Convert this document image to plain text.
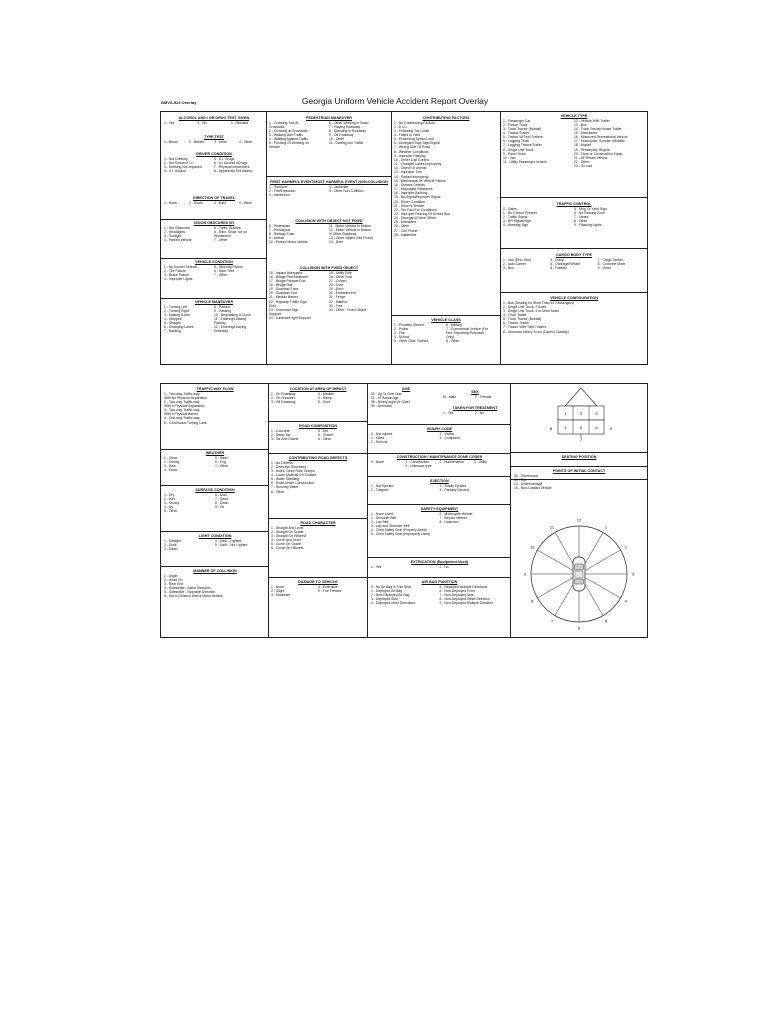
DMVS-523 Overlay	Georgia Uniform Vehicle Accident Report Overlay
ALCOHOL AND / OR DRUG TEST GIVEN
1 - Yes	2 - No	3 - Refused
TYPE TEST
1 - Blood	2 - Breath	3 - Urine	4 - Other
DRIVER CONDITION
1 - Not Drinking	5 - U.I. Drugs
2 - Not Known if U.I.	6 - U.I Alcohol &Drugs
3 - Drinking Not Impaired	7 - Physical Impairment
4 - U.I. Alcohol	8 - Apparently Fell Asleep
DIRECTION OF TRAVEL
1 - North	2 - South	3 - East	4 - West
VISION OBSCURED BY
1 - Not Obscured	5 - Trees, Bushes
2 - Headlights	6 - Rain, Snow, Ice on
3 - Sunlight	Windshield
4 - Parked Vehicle	7 - Other
VEHICLE CONDITION
1 - No Known Defects	5 - Steering Failure
2 - Tire Failure	6 - Slick Tires
3 - Brake Failure	7 - Other
4 - Improper Lights
VEHICLE MANEUVER
1 - Turning Left	8 - Parked
2 - Turning Right	9 - Passing
3 - Making U-turn	10 - Negotiating A Curve
4 - Stopped	11 - Entering/Leaving
5 - Straight	Parking
6 - Changing Lanes	12 - Entering/Leaving
7 - Backing	Driveway
PEDESTRIAN MANEUVER
1 - Crossing, Not At	6 - Other Working in Road
Crosswalk	7 - Playing Roadway
2 - Crossing at Crosswalk	8 - Standing in Roadway
3 - Walking with Traffic	9 - Off Roadway
4 - Walking Against Traffic	10 - Other
5 - Pushing Or Working on	11 - Darting Into Traffic
Vehicle
FIRST HARMFUL EVENT/MOST HARMFUL EVENT NON-COLLISION
1 - Overturn	4 - Jackknife
2 - Fire/Explosion	5 - Other Non-Collision
3 - Immersion
COLLISION WITH OBJECT NOT FIXED
6 - Pedestrian	11 - Motor Vehicle In Motion
7 - Pedalcycle	12 - Motor Vehicle in Motion -
8 - Railway Train	In Other Roadway
9 - Animal	13 - Other Object (Not Fixed)
10 - Parked Motor Vehicle	14 - Deer
COLLISION WITH FIXED OBJECT
15 - Impact Attenuator	25 - Utility Pole
16 - Bridge Pier/Abutment	26 - Other Post
17 - Bridge Parapet End	27 - Culvert
18 - Bridge Rail	28 - Curb
19 - Guardrail Face	29 - Ditch
20 - Guardrail End	30 - Embankment
21 - Median Barrier	31 - Fence
22 - Highway Traffic Sign	32 - Mailbox
Post	33 - Tree
23 - Overhead Sign	34 - Other - Fixed Object
Support
24 - Luminaire light Support
CONTRIBUTING FACTORS
1 - No Contributing Factors
2 - D.U.I.
3 - Following Too Close
4 - Failed to Yield
5 - Exceeding Speed Limit
6 - Disregard Stop Sign/Signal
7 - Wrong Side Of Road
8 - Weather Conditions
9 - Improper Passing
10 - Driver Lost Control
11 - Changed Lanes Improperly
12 - Object Or Animal
13 - Improper Turn
14 - Parked Improperly
15 - Mechanical Or Vehicle Failure
16 - Surface Defects
17 - Misjudged Clearance
18 - Improper Backing
19 - No Signal/Improper Signal
20 - Driver Condition
21 - Driver's Vehicle
22 - Too Fast For Conditions
23 - Improper Passing Of School Bus
24 - Disregard Police Officer
25 - Distracted
26 - Other
27 - Cell Phone
28 - Inattentive
VEHICLE CLASS
1 - Privately Owned	6 - Military
2 - Police	7 - Commercial Vehicle (For
3 - Fire	Hire, Reporting Purposes
4 - School	Only)
5 - Other Govt. Owned	8 - Other
VEHICLE TYPE
1 - Passenger Car	12 - Vehicle With Trailer
2 - Pickup Truck	13 - Bus
3 - Truck Tractor (Bobtail)	14 - Truck Towing House Trailer
4 - Tractor/Trailer	15 - Ambulance
5 - Tractor W/Twin Trailers	16 - Motorized Recreational Vehicle
6 - Logging Truck	17 - Motorcycle, Scooter, Minibike
7 - Logging Tractor/Trailer	18 - Moped
8 - Single Unit Truck	19 - Pedalcycle, Bicycle
9 - Panel Truck	20 - Farm or Construction Equip.
10 - Van	21 - All Terrain Vehicle
11 - Utility Passenger Vehicle	22 - Other
23 - Go cart
TRAFFIC CONTROL
0 - Gates	5 - Stop Or Yield Sign
1 - No Control Present	6 - No Passing Zone
2 - Traffic Signal	7 - Lanes
3 - RR Signal/Sign	8 - Other
4 - Warning Sign	9 - Flashing Lights
CARGO BODY TYPE
1 - Van (Encl. Box)	4 - Dump	7 - Cargo Tanker
2 - Auto Carrier	5 - Garbage/Refuse	8 - Concrete Mixer
3 - Bus	6 - Flatbed	9 - Other
VEHICLE CONFIGURATION
1 - Bus (Seating for More Than 15 Passengers)
2 - Single Unit Truck: 2 Axles
3 - Single Unit Truck: 3 or More Axles
4 - Truck Trailer
5 - Truck Tractor (Bobtail)
6 - Tractor Trailer
7 - Tractor With Twin Trailers
8 - Unknown Heavy Truck (Cannot Classify)
TRAFFIC-WAY FLOW
1 - Two-way Traffic-way
With No Physical Separation
2 - Two-way Traffic-way
With a Physical Separation
3 - Two-way Traffic-way
With a Physical Barrier
4 - One-way Traffic-way
5 - Continuous Turning Lane
WEATHER
1 - Clear	5 - Sleet
2 - Cloudy	6 - Fog
3 - Rain	7 - Other
4 - Snow
SURFACE CONDITION
1 - Dry	6 - Mud
2 - Wet	7 - Sand
3 - Snowy	8 - Slush
4 - Icy	9 - Oil
5 - Other
LIGHT CONDITION
1 - Daylight	4 - Dark - Lighted
2 - Dusk	5 - Dark - Not Lighted
3 - Dawn
MANNER OF COLLISION
1 - Angle
2 - Head On
3 - Rear End
4 - Sideswipe - Same Direction
5 - Sideswipe - Opposite Direction
6 - Not A Collision With a Motor Vehicle
LOCATION AT AREA OF IMPACT
1 - On Roadway	4 - Median
2 - On Shoulder	5 - Ramp
3 - Off Roadway	6 - Gore
ROAD COMPOSITION
1 - Concrete	4 - Dirt
2 - Black Top	5 - Gravel
3 - Tar And Gravel	6 - Other
CONTRIBUTING ROAD DEFECTS
1 - No Defects
2 - Defective Shoulders
3 - Holes, Deep Ruts, Bumps
4 - Loose Material On Surface
5 - Water Standing
6 - Road Under Construction
7 - Running Water
8 - Other
ROAD CHARACTER
1 - Straight And Level
2 - Straight On Grade
3 - Straight On Hillcrest
4 - Curve And Level
5 - Curve On Grade
6 - Curve On Hillcrest
DAMAGE TO VEHICLE
1 - None	4 - Extensive
2 - Slight	5 - Fire Present
3 - Moderate
AGE
00 - Up To One Year
01 - 97 Actual Age
98 - Ninety-eight Or Older
99 - Unknown
SEX
M - Male	F - Female
TAKEN FOR TREATMENT
1 - Yes	2 - No
INJURY CODE
0 - Not injured	3 - Visible
1 - Killed	4 - Complaint
2 - Serious
CONSTRUCTION / MAINTENANCE ZONE CODES
0 - None	1 - Construction	2 - Maintenance	3 - Utility
4 - Unknown type
EJECTION
1 - Not Ejected	3 - Totally Ejected
2 - Trapped	4 - Partially Ejected
SAFETY EQUIPMENT
1 - None Used	6 - Motorcycle Helmet
1 - Shoulder Belt	7 - Bicycle Helmet
2 - Lap Belt	8 - Unknown
3 - Lap and Shoulder Belt
4 - Child Safety Seat (Properly Used)
5 - Child Safety Seat (Improperly Used)
EXTRICATION (Equipment Used)
1 - Yes	2 - No
AIR BAG FUNCTION
0 - No Air Bag in This Seat	5 - Deployed Multiple Directions
1 - Deployed Air Bag	6 - Non-Deployed Front
2 - Non-Deployed Air Bag	7 - Non-Deployed Side
3 - Deployed Side	8 - Non-Deployed Other Direction
4 - Deployed other Directions	9 - Non-Deployed Multiple Direction
1	2	3
4	5	6
8	9
7
SEATING POSITION
POINTS OF INITIAL CONTACT
00 - Overturned
13 - Top
14 - Undercarriage
15 - Non-Contact Vehicle
1
2
3
4
5
6
7
8
9
10
11
12
